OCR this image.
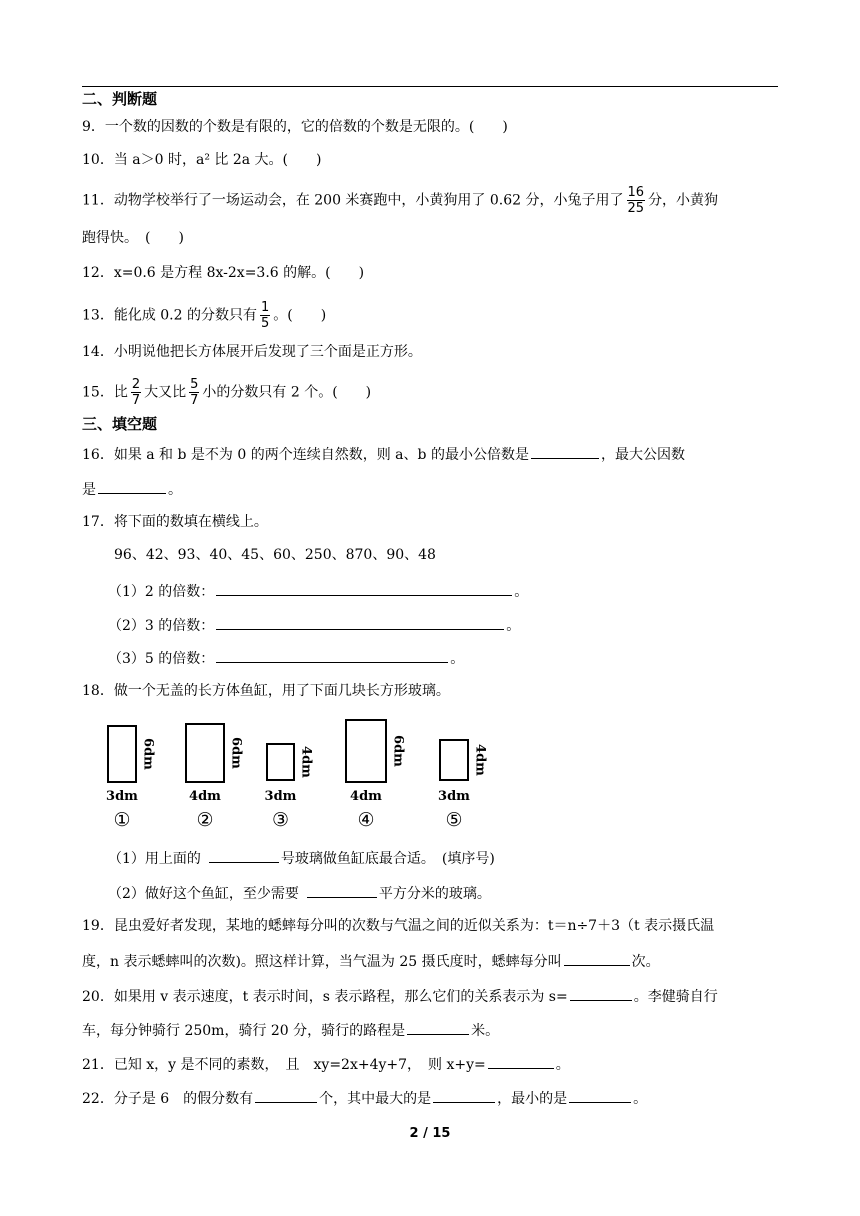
二、判断题
9．一个数的因数的个数是有限的，它的倍数的个数是无限的。(　　)
10．当 a＞0 时，a² 比 2a 大。(　　)
11．动物学校举行了一场运动会，在 200 米赛跑中，小黄狗用了 0.62 分，小兔子用了 $\frac{16}{25}$ 分，小黄狗
跑得快。　(　　)
12．x=0.6 是方程 8x-2x=3.6 的解。(　　)
13．能化成 0.2 的分数只有 $\frac{1}{5}$ 。(　　)
14．小明说他把长方体展开后发现了三个面是正方形。
15．比 $\frac{2}{7}$ 大又比 $\frac{5}{7}$ 小的分数只有 2 个。(　　)
三、填空题
16．如果 a 和 b 是不为 0 的两个连续自然数，则 a、b 的最小公倍数是	，最大公因数
是	。
17．将下面的数填在横线上。
96、42、93、40、45、60、250、870、90、48
（1）2 的倍数：	。
（2）3 的倍数：	。
（3）5 的倍数：	。
18．做一个无盖的长方体鱼缸，用了下面几块长方形玻璃。
6dm
3dm
①
6dm
4dm
②
4dm
3dm
③
6dm
4dm
④
4dm
3dm
⑤
（1）用上面的	号玻璃做鱼缸底最合适。　(填序号)
（2）做好这个鱼缸，至少需要	平方分米的玻璃。
19．昆虫爱好者发现，某地的蟋蟀每分叫的次数与气温之间的近似关系为：t＝n÷7＋3（t 表示摄氏温
度，n 表示蟋蟀叫的次数)。照这样计算，当气温为 25 摄氏度时，蟋蟀每分叫	次。
20．如果用 v 表示速度，t 表示时间，s 表示路程，那么它们的关系表示为 s=	。李健骑自行
车，每分钟骑行 250m，骑行 20 分，骑行的路程是	米。
21．已知 x，y 是不同的素数，　且　xy=2x+4y+7，　则 x+y=	。
22．分子是 6　的假分数有	个，其中最大的是	，最小的是	。
2 / 15
